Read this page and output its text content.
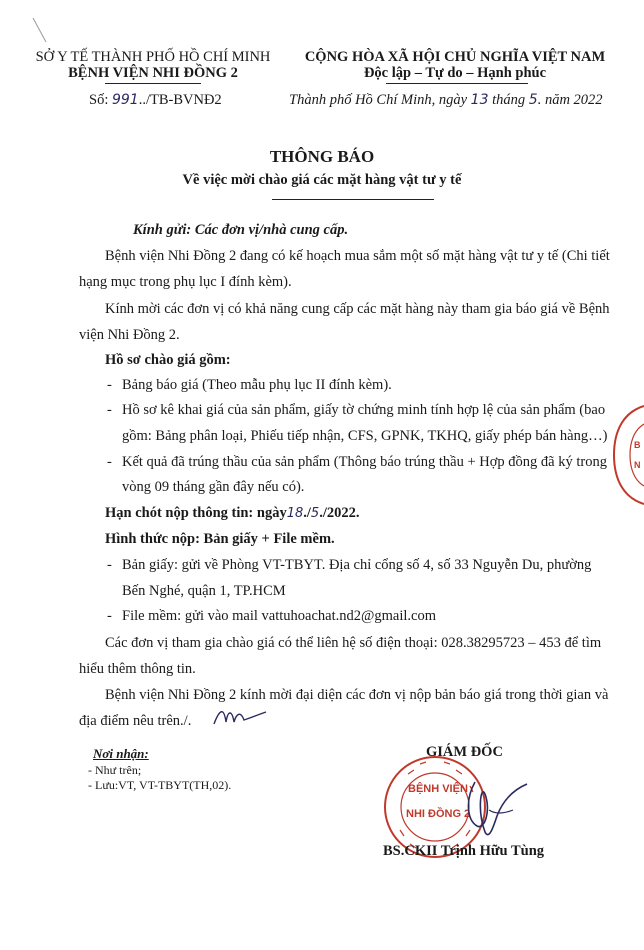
SỞ Y TẾ THÀNH PHỐ HỒ CHÍ MINH
BỆNH VIỆN NHI ĐỒNG 2
Số: 991../TB-BVNĐ2
CỘNG HÒA XÃ HỘI CHỦ NGHĨA VIỆT NAM
Độc lập – Tự do – Hạnh phúc
Thành phố Hồ Chí Minh, ngày 13 tháng 5. năm 2022
THÔNG BÁO
Về việc mời chào giá các mặt hàng vật tư y tế
Kính gửi: Các đơn vị/nhà cung cấp.
Bệnh viện Nhi Đồng 2 đang có kế hoạch mua sắm một số mặt hàng vật tư y tế (Chi tiết
hạng mục trong phụ lục I đính kèm).
Kính mời các đơn vị có khả năng cung cấp các mặt hàng này tham gia báo giá về Bệnh
viện Nhi Đồng 2.
Hồ sơ chào giá gồm:
- Bảng báo giá (Theo mẫu phụ lục II đính kèm).
- Hồ sơ kê khai giá của sản phẩm, giấy tờ chứng minh tính hợp lệ của sản phẩm (bao
gồm: Bảng phân loại, Phiếu tiếp nhận, CFS, GPNK, TKHQ, giấy phép bán hàng…)
- Kết quả đã trúng thầu của sản phẩm (Thông báo trúng thầu + Hợp đồng đã ký trong
vòng 09 tháng gần đây nếu có).
Hạn chót nộp thông tin: ngày18./5./2022.
Hình thức nộp: Bản giấy + File mềm.
- Bản giấy: gửi về Phòng VT-TBYT. Địa chỉ cổng số 4, số 33 Nguyễn Du, phường
Bến Nghé, quận 1, TP.HCM
- File mềm: gửi vào mail vattuhoachat.nd2@gmail.com
Các đơn vị tham gia chào giá có thể liên hệ số điện thoại: 028.38295723 – 453 để tìm
hiểu thêm thông tin.
Bệnh viện Nhi Đồng 2 kính mời đại diện các đơn vị nộp bản báo giá trong thời gian và
địa điểm nêu trên./.
Nơi nhận:
- Như trên;
- Lưu:VT, VT-TBYT(TH,02).
GIÁM ĐỐC
BỆNH VIỆN
NHI ĐỒNG 2
BS.CKII Trịnh Hữu Tùng
B
N
